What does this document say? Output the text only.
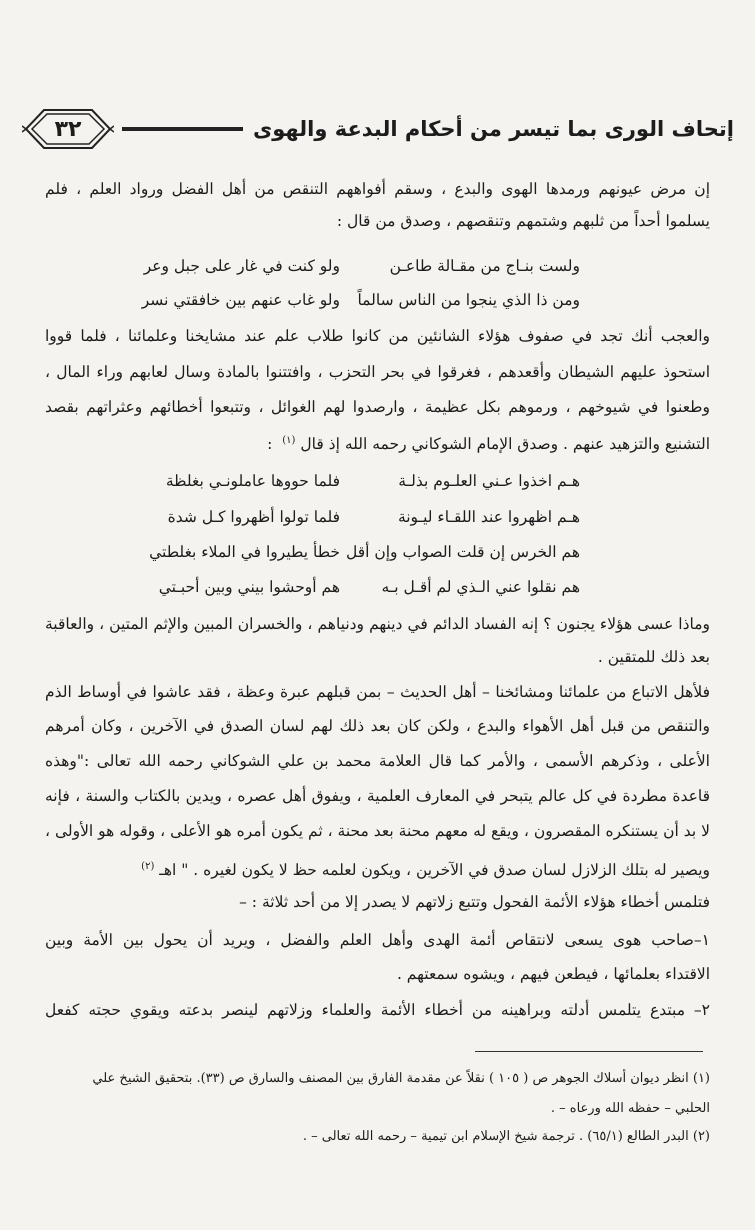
٣٢	إتحاف الورى بما تيسر من أحكام البدعة والهوى
إن مرض عيونهم ورمدها الهوى والبدع ، وسقم أفواههم التنقص من أهل الفضل ورواد العلم ، فلم
يسلموا أحداً من ثلبهم وشتمهم وتنقصهم ، وصدق من قال :
ولست بنـاج من مقـالة طاعـن
ولو كنت في غار على جبل وعر
ومن ذا الذي ينجوا من الناس سالماً
ولو غاب عنهم بين خافقتي نسر
والعجب أنك تجد في صفوف هؤلاء الشانئين من كانوا طلاب علم عند مشايخنا وعلمائنا ، فلما قووا
استحوذ عليهم الشيطان وأقعدهم ، فغرقوا في بحر التحزب ، وافتتنوا بالمادة وسال لعابهم وراء المال ،
وطعنوا في شيوخهم ، ورموهم بكل عظيمة ، وارصدوا لهم الغوائل ، وتتبعوا أخطائهم وعثراتهم بقصد
التشنيع والتزهيد عنهم . وصدق الإمام الشوكاني رحمه الله إذ قال $^{(١)}$  :
هـم اخذوا عـني العلـوم بذلـة
فلما حووها عاملونـي بغلظة
هـم اظهروا عند اللقـاء ليـونة
فلما تولوا أظهروا كـل شدة
هم الخرس إن قلت الصواب وإن أقل
خطأ يطيروا في الملاء بغلطتي
هم نقلوا عني الـذي لم أقـل بـه
هم أوحشوا بيني وبين أحبـتي
وماذا عسى هؤلاء يجنون ؟ إنه الفساد الدائم في دينهم ودنياهم ، والخسران المبين والإثم المتين ، والعاقبة
بعد ذلك للمتقين .
فلأهل الاتباع من علمائنا ومشائخنا – أهل الحديث – بمن قبلهم عبرة وعظة ، فقد عاشوا في أوساط الذم
والتنقص من قبل أهل الأهواء والبدع ، ولكن كان بعد ذلك لهم لسان الصدق في الآخرين ، وكان أمرهم
الأعلى ، وذكرهم الأسمى ، والأمر كما قال العلامة محمد بن علي الشوكاني رحمه الله تعالى :"وهذه
قاعدة مطردة في كل عالم يتبحر في المعارف العلمية ، ويفوق أهل عصره ، ويدين بالكتاب والسنة ، فإنه
لا بد أن يستنكره المقصرون ، ويقع له معهم محنة بعد محنة ، ثم يكون أمره هو الأعلى ، وقوله هو الأولى ،
ويصير له بتلك الزلازل لسان صدق في الآخرين ، ويكون لعلمه حظ لا يكون لغيره . " اهـ $^{(٢)}$
فتلمس أخطاء هؤلاء الأئمة الفحول وتتبع زلاتهم لا يصدر إلا من أحد ثلاثة : –
١–صاحب هوى يسعى لانتقاص أئمة الهدى وأهل العلم والفضل ، ويريد أن يحول بين الأمة وبين
الاقتداء بعلمائها ، فيطعن فيهم ، ويشوه سمعتهم .
٢– مبتدع يتلمس أدلته وبراهينه من أخطاء الأئمة والعلماء وزلاتهم لينصر بدعته ويقوي حجته كفعل
(١) انظر ديوان أسلاك الجوهر ص ( ١٠٥ ) نقلاً عن مقدمة الفارق بين المصنف والسارق ص (٣٣). بتحقيق الشيخ علي
الحلبي – حفظه الله ورعاه – .
(٢) البدر الطالع (٦٥/١) . ترجمة شيخ الإسلام ابن تيمية – رحمه الله تعالى – .
